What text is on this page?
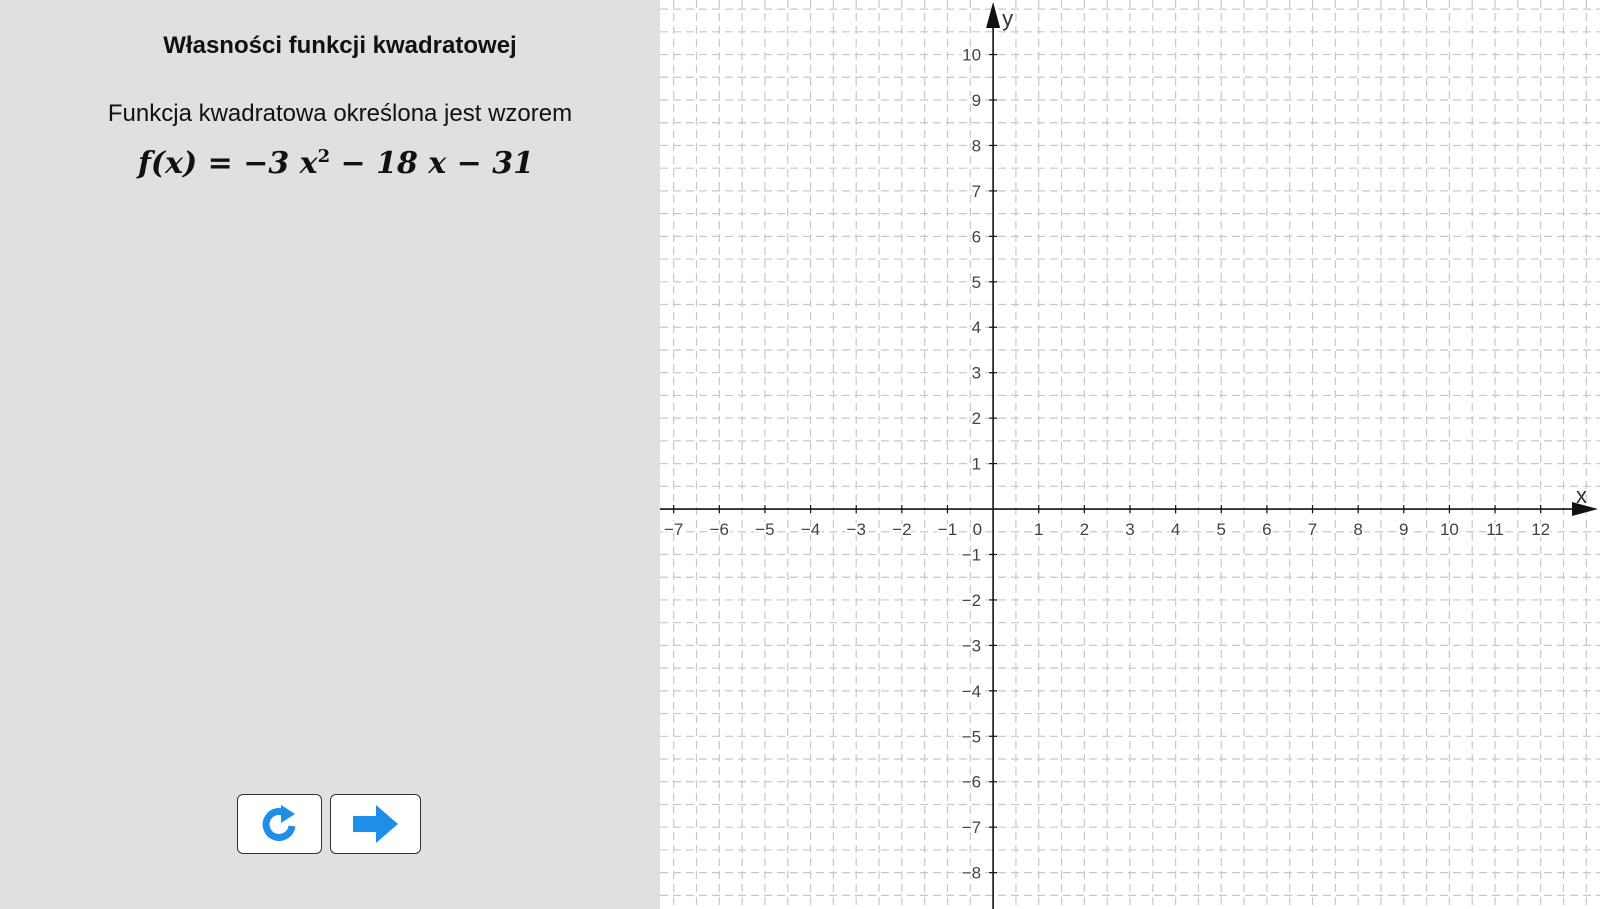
Własności funkcji kwadratowej
Funkcja kwadratowa określona jest wzorem
f(x) = −3 $x^2 - 18$ x − 31
x
y
−7 −6 −5 −4 −3 −2 −1 0	1 2 3 4 5 6 7 8 9 10 11 12
10
9
8
7
6
5
4
3
2
1
−1
−2
−3
−4
−5
−6
−7
−8
